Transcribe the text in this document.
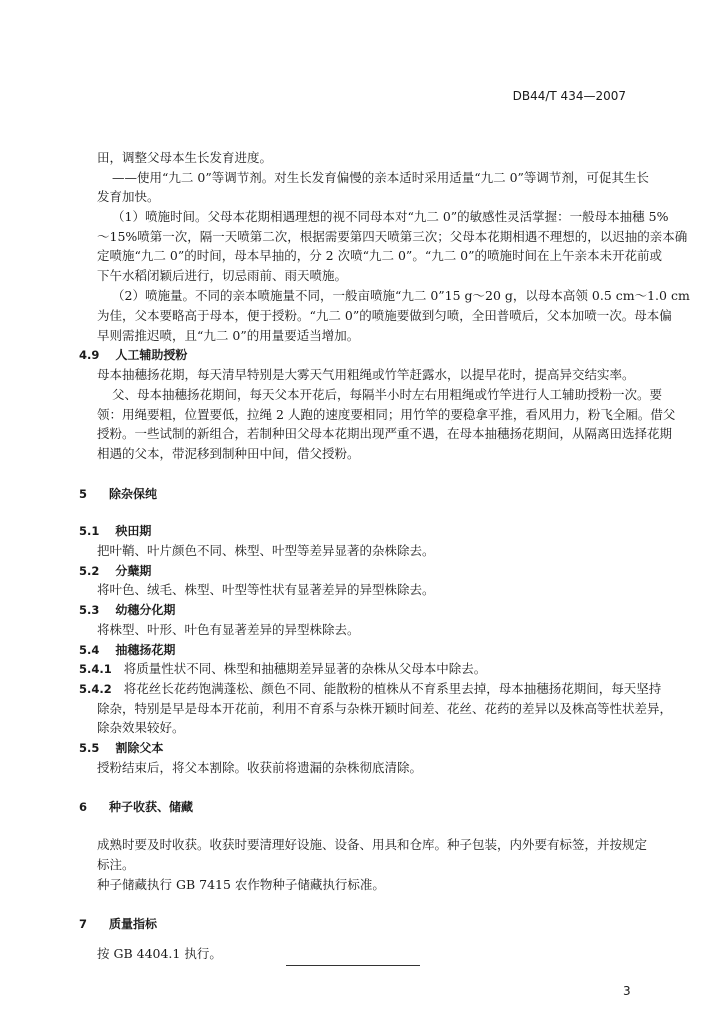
DB44/T 434—2007
田，调整父母本生长发育进度。
——使用“九二 0”等调节剂。对生长发育偏慢的亲本适时采用适量“九二 0”等调节剂，可促其生长
发育加快。
（1）喷施时间。父母本花期相遇理想的视不同母本对“九二 0”的敏感性灵活掌握：一般母本抽穗 5%
～15%喷第一次，隔一天喷第二次，根据需要第四天喷第三次；父母本花期相遇不理想的，以迟抽的亲本确
定喷施“九二 0”的时间，母本早抽的，分 2 次喷“九二 0”。“九二 0”的喷施时间在上午亲本未开花前或
下午水稻闭颖后进行，切忌雨前、雨天喷施。
（2）喷施量。不同的亲本喷施量不同，一般亩喷施“九二 0”15 g～20 g，以母本高领 0.5 cm～1.0 cm
为佳，父本要略高于母本，便于授粉。“九二 0”的喷施要做到匀喷，全田普喷后，父本加喷一次。母本偏
早则需推迟喷，且“九二 0”的用量要适当增加。
4.9 人工辅助授粉
母本抽穗扬花期，每天清早特别是大雾天气用粗绳或竹竿赶露水，以提早花时，提高异交结实率。
父、母本抽穗扬花期间，每天父本开花后，每隔半小时左右用粗绳或竹竿进行人工辅助授粉一次。要
领：用绳要粗，位置要低，拉绳 2 人跑的速度要相同；用竹竿的要稳拿平推，看风用力，粉飞全厢。借父
授粉。一些试制的新组合，若制种田父母本花期出现严重不遇，在母本抽穗扬花期间，从隔离田选择花期
相遇的父本，带泥移到制种田中间，借父授粉。
5 除杂保纯
5.1 秧田期
把叶鞘、叶片颜色不同、株型、叶型等差异显著的杂株除去。
5.2 分蘖期
将叶色、绒毛、株型、叶型等性状有显著差异的异型株除去。
5.3 幼穗分化期
将株型、叶形、叶色有显著差异的异型株除去。
5.4 抽穗扬花期
5.4.1 将质量性状不同、株型和抽穗期差异显著的杂株从父母本中除去。
5.4.2 将花丝长花药饱满蓬松、颜色不同、能散粉的植株从不育系里去掉，母本抽穗扬花期间，每天坚持
除杂，特别是早是母本开花前，利用不育系与杂株开颖时间差、花丝、花药的差异以及株高等性状差异，
除杂效果较好。
5.5 割除父本
授粉结束后，将父本割除。收获前将遗漏的杂株彻底清除。
6 种子收获、储藏
成熟时要及时收获。收获时要清理好设施、设备、用具和仓库。种子包装，内外要有标签，并按规定
标注。
种子储藏执行 GB 7415 农作物种子储藏执行标准。
7 质量指标
按 GB 4404.1 执行。
3
